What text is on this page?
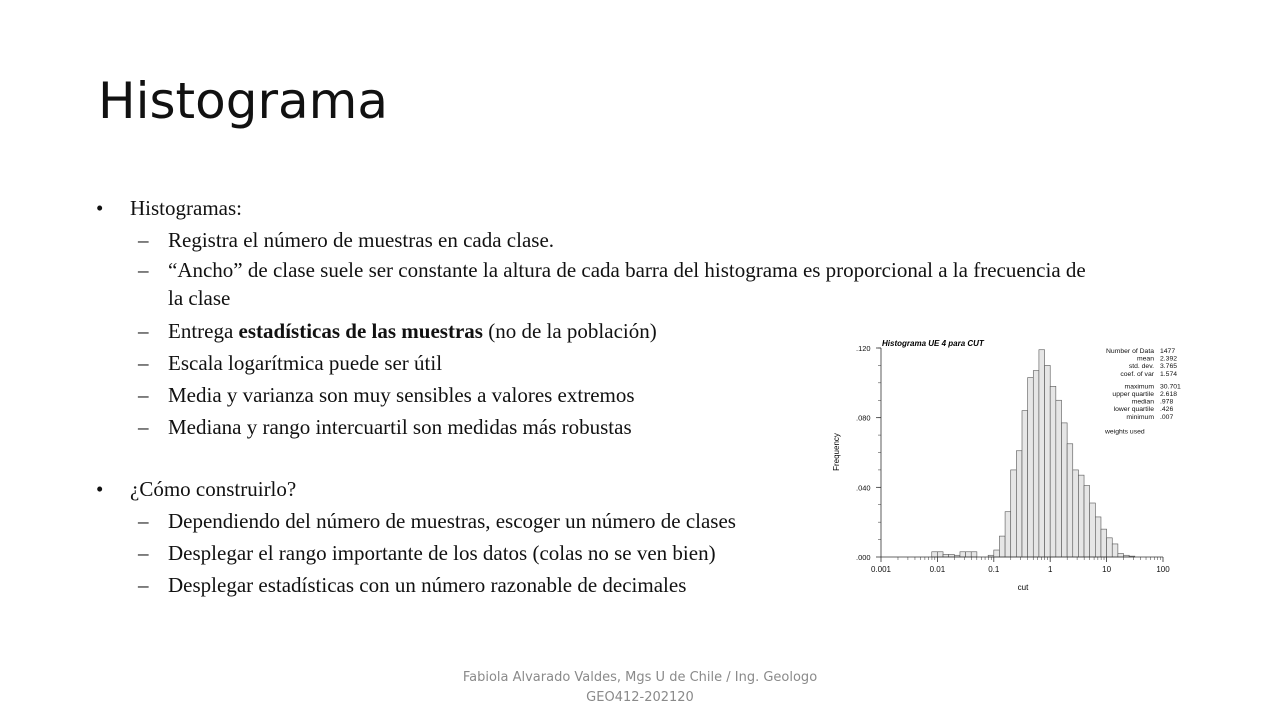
Histograma
• Histogramas:
– Registra el número de muestras en cada clase.
– “Ancho” de clase suele ser constante la altura de cada barra del histograma es proporcional a la frecuencia de la clase
– Entrega estadísticas de las muestras (no de la población)
– Escala logarítmica puede ser útil
– Media y varianza son muy sensibles a valores extremos
– Mediana y rango intercuartil son medidas más robustas
• ¿Cómo construirlo?
– Dependiendo del número de muestras, escoger un número de clases
– Desplegar el rango importante de los datos (colas no se ven bien)
– Desplegar estadísticas con un número razonable de decimales
0.001	0.01	0.1	1	10	100
.000
.040
.080
.120
Histograma UE 4 para CUT
cut
Frequency
Number of Data 1477
mean 2.392
std. dev. 3.765
coef. of var 1.574
maximum 30.701
upper quartile 2.618
median .978
lower quartile .426
minimum .007
weights used
Fabiola Alvarado Valdes, Mgs U de Chile / Ing. Geologo
GEO412-202120
